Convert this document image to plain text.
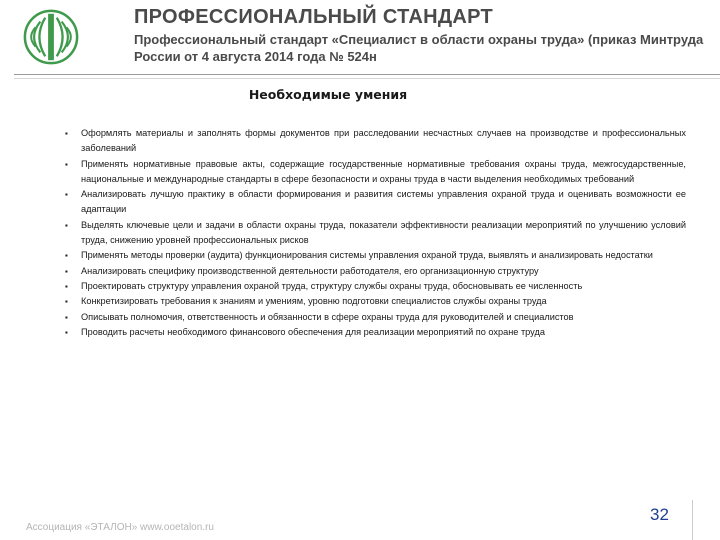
ПРОФЕССИОНАЛЬНЫЙ СТАНДАРТ

Профессиональный стандарт «Специалист в области охраны труда» (приказ Минтруда России от 4 августа 2014 года № 524н

Необходимые умения
▪ Оформлять материалы и заполнять формы документов при расследовании несчастных случаев на производстве и профессиональных заболеваний
▪ Применять нормативные правовые акты, содержащие государственные нормативные требования охраны труда, межгосударственные, национальные и международные стандарты в сфере безопасности и охраны труда в части выделения необходимых требований
▪ Анализировать лучшую практику в области формирования и развития системы управления охраной труда и оценивать возможности ее адаптации
▪ Выделять ключевые цели и задачи в области охраны труда, показатели эффективности реализации мероприятий по улучшению условий труда, снижению уровней профессиональных рисков
▪ Применять методы проверки (аудита) функционирования системы управления охраной труда, выявлять и анализировать недостатки
▪ Анализировать специфику производственной деятельности работодателя, его организационную структуру
▪ Проектировать структуру управления охраной труда, структуру службы охраны труда, обосновывать ее численность
▪ Конкретизировать требования к знаниям и умениям, уровню подготовки специалистов службы охраны труда
▪ Описывать полномочия, ответственность и обязанности в сфере охраны труда для руководителей и специалистов
▪ Проводить расчеты необходимого финансового обеспечения для реализации мероприятий по охране труда

Ассоциация «ЭТАЛОН» www.ooetalon.ru

32
